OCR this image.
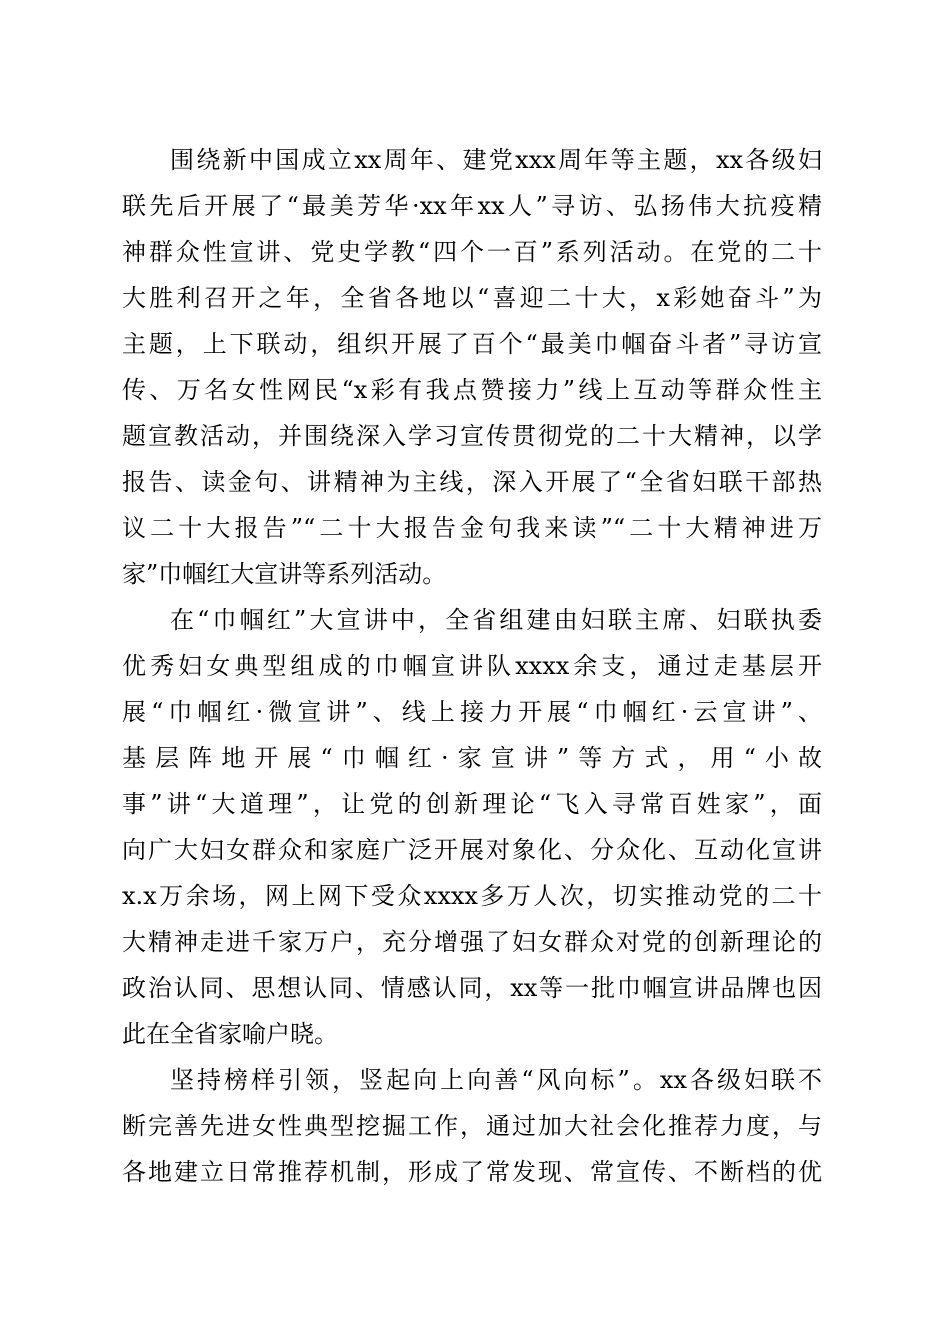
围绕新中国成立xx周年、建党xxx周年等主题，xx各级妇
联先后开展了“最美芳华·xx年xx人”寻访、弘扬伟大抗疫精
神群众性宣讲、党史学教“四个一百”系列活动。在党的二十
大胜利召开之年，全省各地以“喜迎二十大，x彩她奋斗”为
主题，上下联动，组织开展了百个“最美巾帼奋斗者”寻访宣
传、万名女性网民“x彩有我点赞接力”线上互动等群众性主
题宣教活动，并围绕深入学习宣传贯彻党的二十大精神，以学
报告、读金句、讲精神为主线，深入开展了“全省妇联干部热
议二十大报告”“二十大报告金句我来读”“二十大精神进万
家”巾帼红大宣讲等系列活动。
在“巾帼红”大宣讲中，全省组建由妇联主席、妇联执委
优秀妇女典型组成的巾帼宣讲队xxxx余支，通过走基层开
展“巾帼红·微宣讲”、线上接力开展“巾帼红·云宣讲”、
基层阵地开展“巾帼红·家宣讲”等方式，用“小故
事”讲“大道理”，让党的创新理论“飞入寻常百姓家”，面
向广大妇女群众和家庭广泛开展对象化、分众化、互动化宣讲
x.x万余场，网上网下受众xxxx多万人次，切实推动党的二十
大精神走进千家万户，充分增强了妇女群众对党的创新理论的
政治认同、思想认同、情感认同，xx等一批巾帼宣讲品牌也因
此在全省家喻户晓。
坚持榜样引领，竖起向上向善“风向标”。xx各级妇联不
断完善先进女性典型挖掘工作，通过加大社会化推荐力度，与
各地建立日常推荐机制，形成了常发现、常宣传、不断档的优
